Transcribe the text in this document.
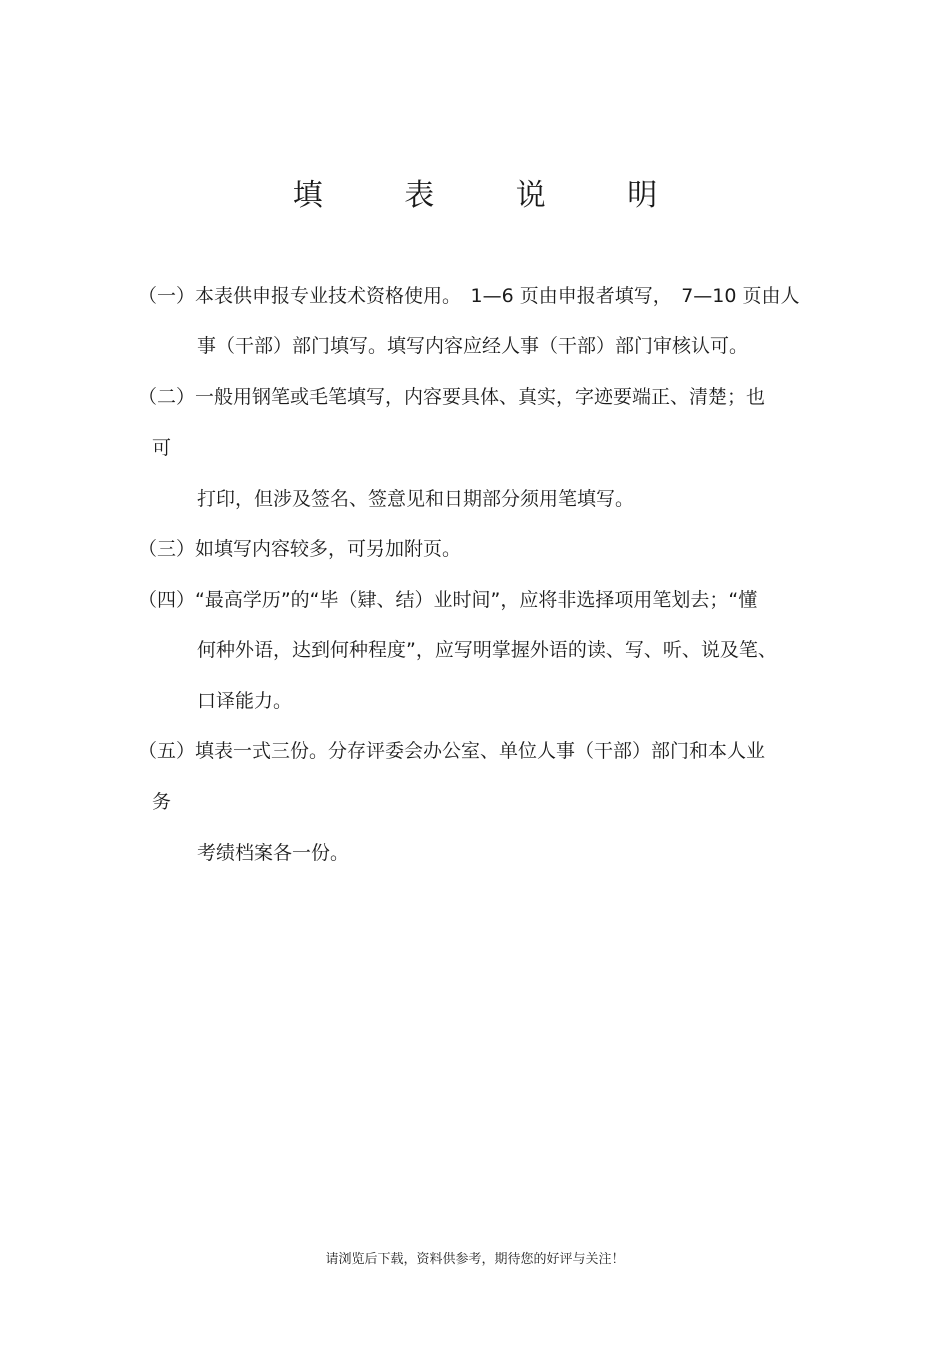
填 表 说 明
（一）本表供申报专业技术资格使用。　1—6 页由申报者填写，　7—10 页由人
事（干部）部门填写。填写内容应经人事（干部）部门审核认可。
（二）一般用钢笔或毛笔填写，内容要具体、真实，字迹要端正、清楚；也
可
打印，但涉及签名、签意见和日期部分须用笔填写。
（三）如填写内容较多，可另加附页。
（四）“最高学历”的“毕（肄、结）业时间”，应将非选择项用笔划去；“懂
何种外语，达到何种程度”，应写明掌握外语的读、写、听、说及笔、
口译能力。
（五）填表一式三份。分存评委会办公室、单位人事（干部）部门和本人业
务
考绩档案各一份。
请浏览后下载，资料供参考，期待您的好评与关注！
